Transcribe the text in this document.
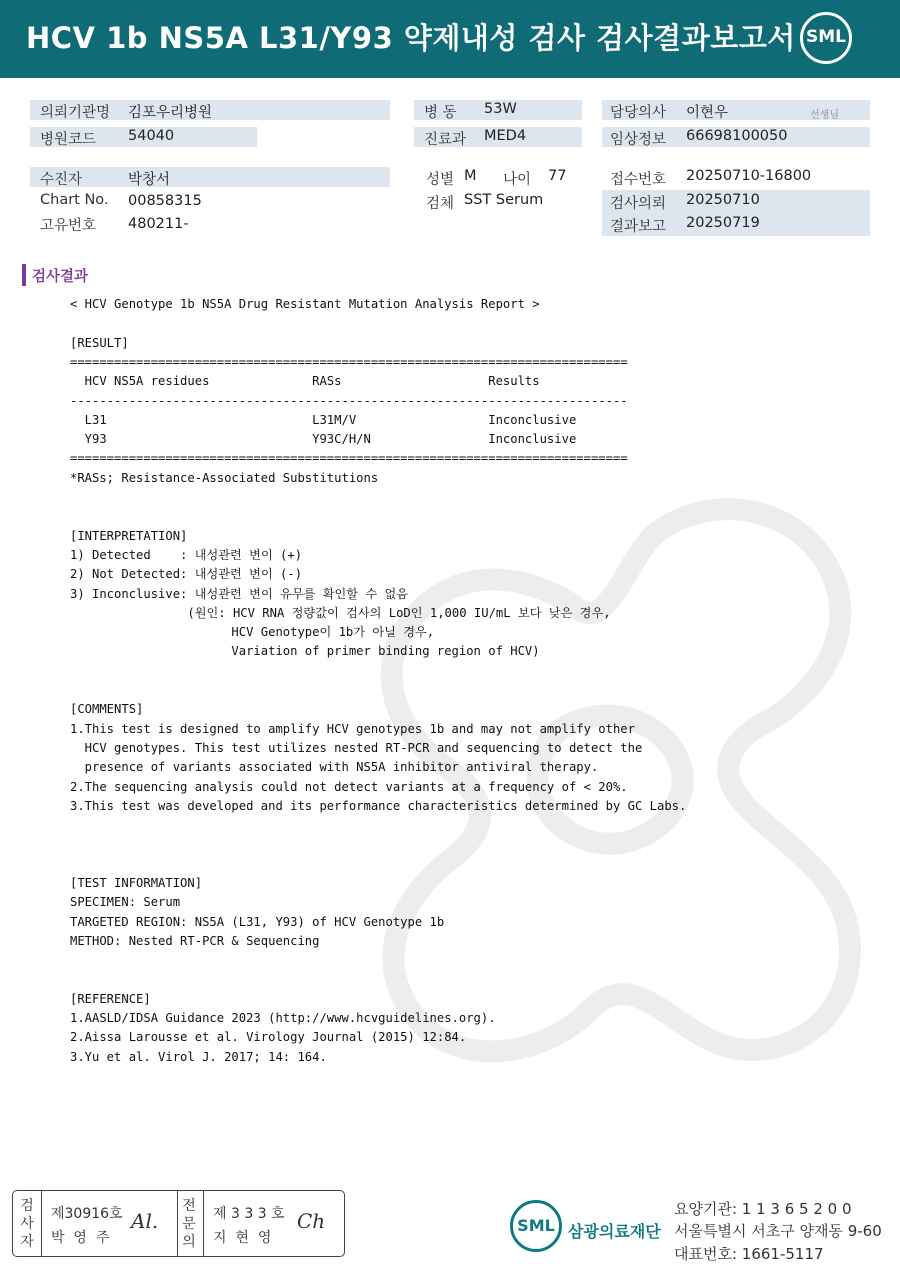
HCV 1b NS5A L31/Y93 약제내성 검사 검사결과보고서 SML
의뢰기관명 김포우리병원
병원코드 54040
병 동 53W
진료과 MED4
담당의사 이현우	선생님
임상정보 66698100050
수진자	박창서
Chart No. 00858315
고유번호 480211-
성별 M 나이 77
검체 SST Serum
접수번호 20250710-16800
검사의뢰 20250710
결과보고 20250719
검사결과
< HCV Genotype 1b NS5A Drug Resistant Mutation Analysis Report >
[RESULT]
============================================================================
HCV NS5A residues              RASs                    Results
----------------------------------------------------------------------------
L31                            L31M/V                  Inconclusive
Y93                            Y93C/H/N                Inconclusive
============================================================================
*RASs; Resistance-Associated Substitutions
[INTERPRETATION]
1) Detected    : 내성관련 변이 (+)
2) Not Detected: 내성관련 변이 (-)
3) Inconclusive: 내성관련 변이 유무를 확인할 수 없음
(원인: HCV RNA 정량값이 검사의 LoD인 1,000 IU/mL 보다 낮은 경우,
HCV Genotype이 1b가 아닐 경우,
Variation of primer binding region of HCV)
[COMMENTS]
1.This test is designed to amplify HCV genotypes 1b and may not amplify other
HCV genotypes. This test utilizes nested RT-PCR and sequencing to detect the
presence of variants associated with NS5A inhibitor antiviral therapy.
2.The sequencing analysis could not detect variants at a frequency of < 20%.
3.This test was developed and its performance characteristics determined by GC Labs.
[TEST INFORMATION]
SPECIMEN: Serum
TARGETED REGION: NS5A (L31, Y93) of HCV Genotype 1b
METHOD: Nested RT-PCR & Sequencing
[REFERENCE]
1.AASLD/IDSA Guidance 2023 (http://www.hcvguidelines.org).
2.Aissa Larousse et al. Virology Journal (2015) 12:84.
3.Yu et al. Virol J. 2017; 14: 164.
검
사
자
제30916호
박  영  주
Al.
전
문
의
제 3 3 3 호
지  현  영
Ch	SML 삼광의료재단
요양기관: 1 1 3 6 5 2 0 0
서울특별시 서초구 양재동 9-60
대표번호: 1661-5117
